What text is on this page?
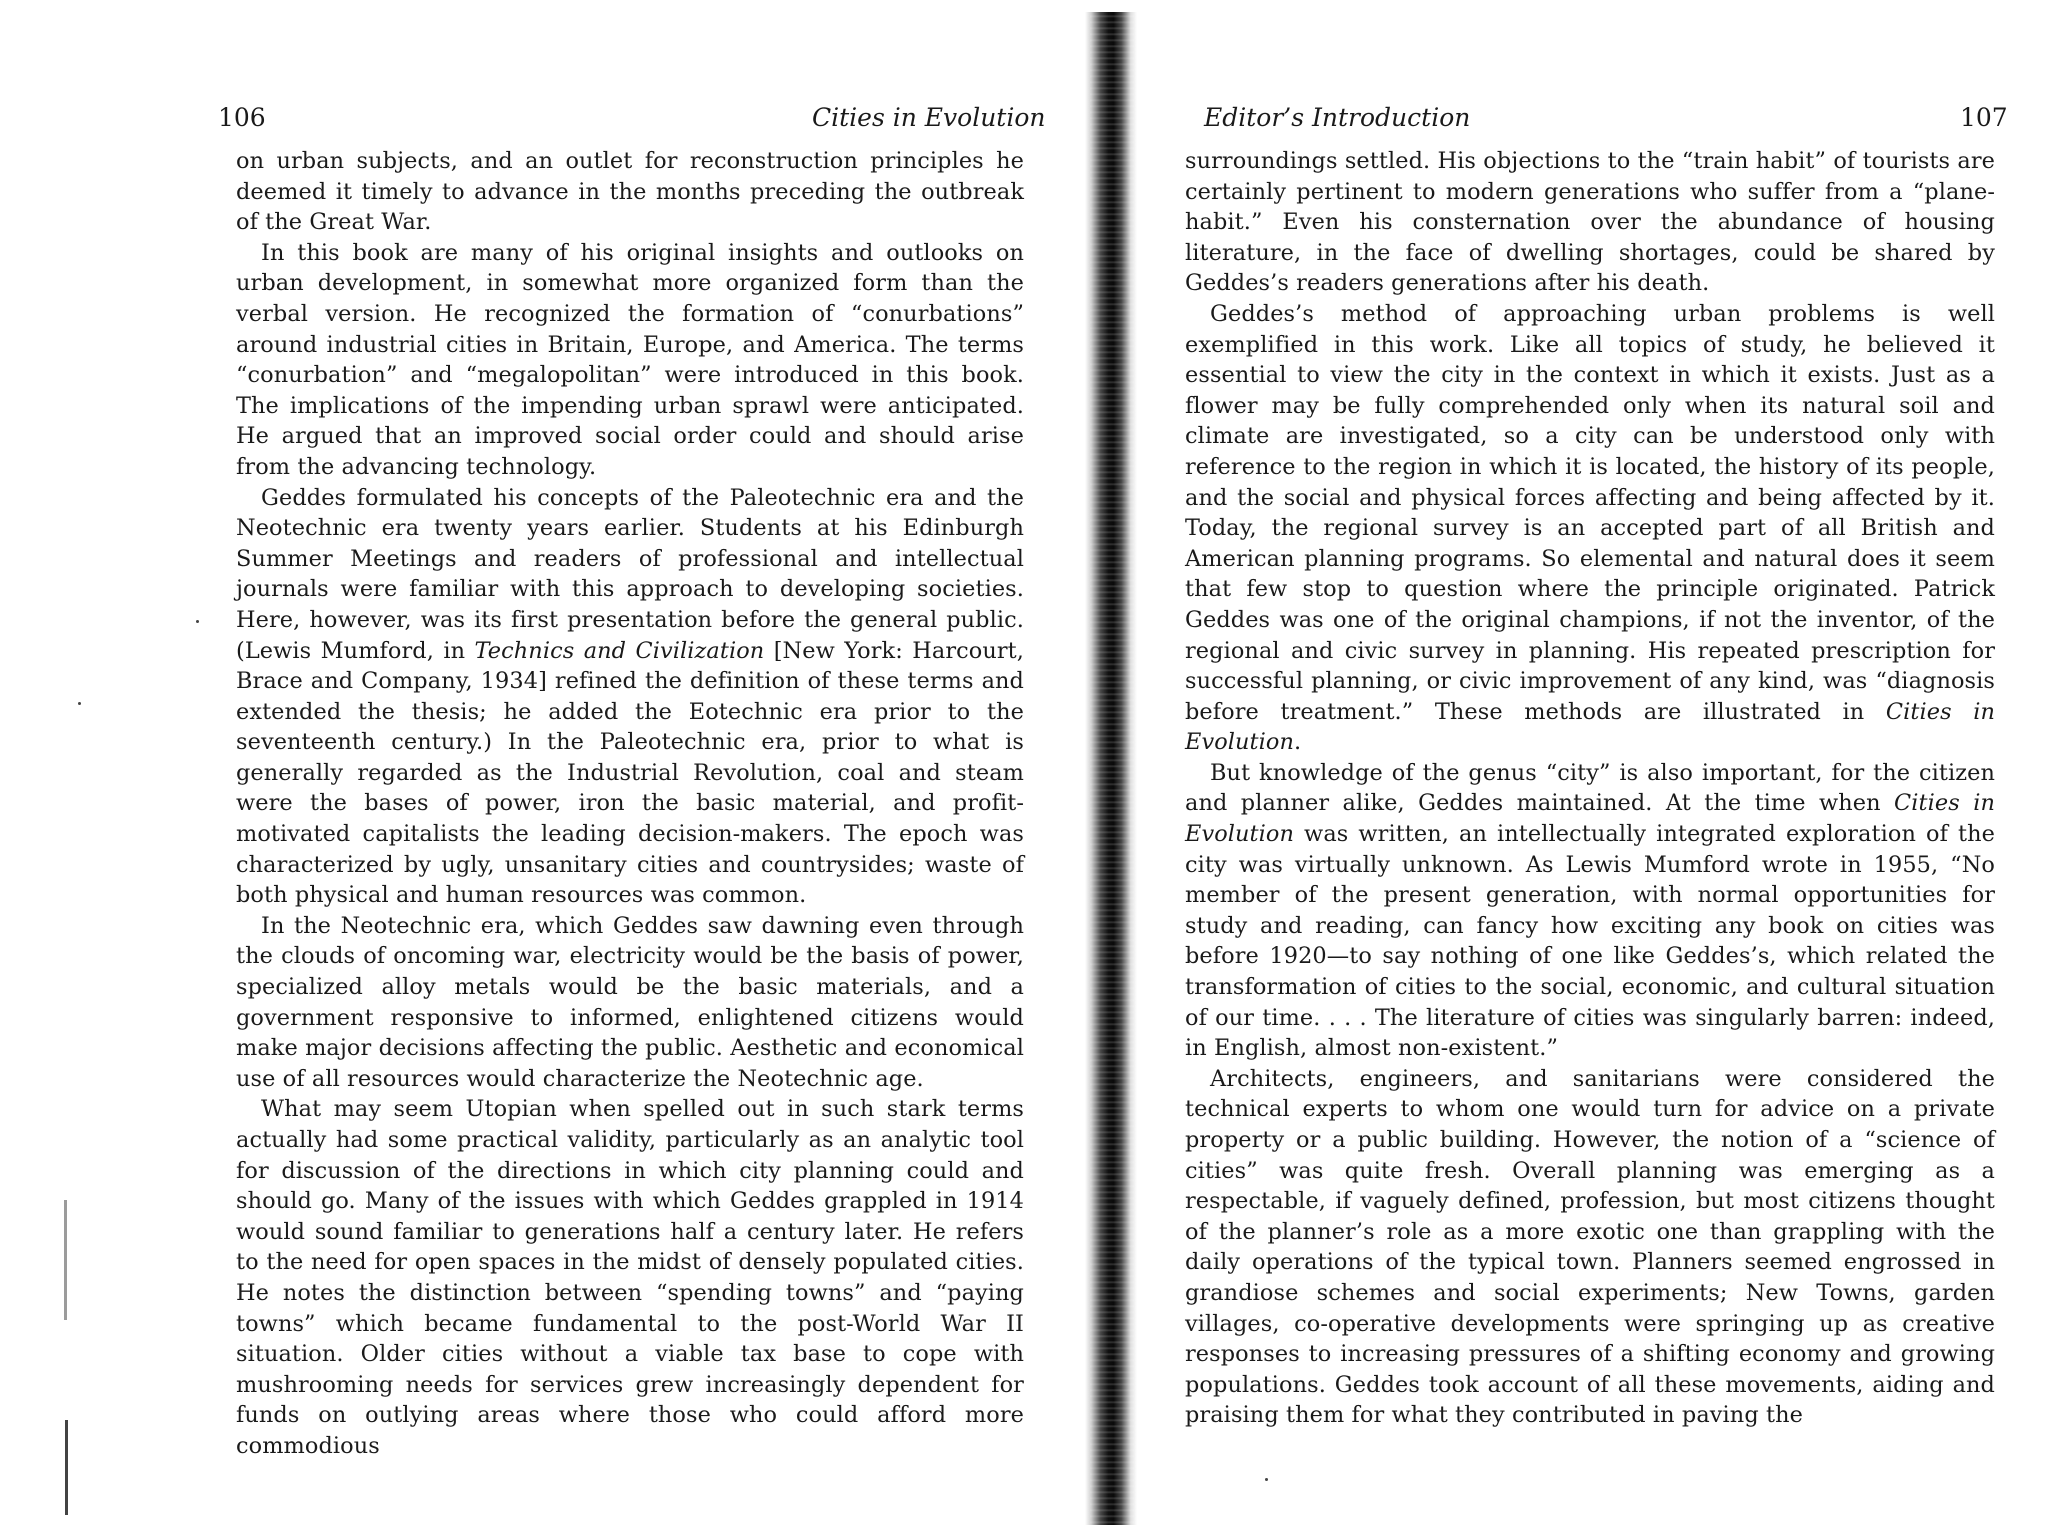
106	Cities in Evolution

on urban subjects, and an outlet for reconstruction principles he deemed it timely to advance in the months preceding the outbreak of the Great War.

In this book are many of his original insights and outlooks on urban development, in somewhat more organized form than the verbal version. He recognized the formation of “conurbations” around industrial cities in Britain, Europe, and America. The terms “conurbation” and “megalopolitan” were introduced in this book. The implications of the impending urban sprawl were anticipated. He argued that an improved social order could and should arise from the advancing technology.

Geddes formulated his concepts of the Paleotechnic era and the Neotechnic era twenty years earlier. Students at his Edinburgh Summer Meetings and readers of professional and intellectual journals were familiar with this approach to developing societies. Here, however, was its first presentation before the general public. (Lewis Mumford, in Technics and Civilization [New York: Harcourt, Brace and Company, 1934] refined the definition of these terms and extended the thesis; he added the Eotechnic era prior to the seventeenth century.) In the Paleotechnic era, prior to what is generally regarded as the Industrial Revolution, coal and steam were the bases of power, iron the basic material, and profit-motivated capitalists the leading decision-makers. The epoch was characterized by ugly, unsanitary cities and countrysides; waste of both physical and human resources was common.

In the Neotechnic era, which Geddes saw dawning even through the clouds of oncoming war, electricity would be the basis of power, specialized alloy metals would be the basic materials, and a government responsive to informed, enlightened citizens would make major decisions affecting the public. Aesthetic and economical use of all resources would characterize the Neotechnic age.

What may seem Utopian when spelled out in such stark terms actually had some practical validity, particularly as an analytic tool for discussion of the directions in which city planning could and should go. Many of the issues with which Geddes grappled in 1914 would sound familiar to generations half a century later. He refers to the need for open spaces in the midst of densely populated cities. He notes the distinction between “spending towns” and “paying towns” which became fundamental to the post-World War II situation. Older cities without a viable tax base to cope with mushrooming needs for services grew increasingly dependent for funds on outlying areas where those who could afford more commodious

Editor’s Introduction	107

surroundings settled. His objections to the “train habit” of tourists are certainly pertinent to modern generations who suffer from a “plane-habit.” Even his consternation over the abundance of housing literature, in the face of dwelling shortages, could be shared by Geddes’s readers generations after his death.

Geddes’s method of approaching urban problems is well exemplified in this work. Like all topics of study, he believed it essential to view the city in the context in which it exists. Just as a flower may be fully comprehended only when its natural soil and climate are investigated, so a city can be understood only with reference to the region in which it is located, the history of its people, and the social and physical forces affecting and being affected by it. Today, the regional survey is an accepted part of all British and American planning programs. So elemental and natural does it seem that few stop to question where the principle originated. Patrick Geddes was one of the original champions, if not the inventor, of the regional and civic survey in planning. His repeated prescription for successful planning, or civic improvement of any kind, was “diagnosis before treatment.” These methods are illustrated in Cities in Evolution.

But knowledge of the genus “city” is also important, for the citizen and planner alike, Geddes maintained. At the time when Cities in Evolution was written, an intellectually integrated exploration of the city was virtually unknown. As Lewis Mumford wrote in 1955, “No member of the present generation, with normal opportunities for study and reading, can fancy how exciting any book on cities was before 1920—to say nothing of one like Geddes’s, which related the transformation of cities to the social, economic, and cultural situation of our time. . . . The literature of cities was singularly barren: indeed, in English, almost non-existent.”

Architects, engineers, and sanitarians were considered the technical experts to whom one would turn for advice on a private property or a public building. However, the notion of a “science of cities” was quite fresh. Overall planning was emerging as a respectable, if vaguely defined, profession, but most citizens thought of the planner’s role as a more exotic one than grappling with the daily operations of the typical town. Planners seemed engrossed in grandiose schemes and social experiments; New Towns, garden villages, co-operative developments were springing up as creative responses to increasing pressures of a shifting economy and growing populations. Geddes took account of all these movements, aiding and praising them for what they contributed in paving the
